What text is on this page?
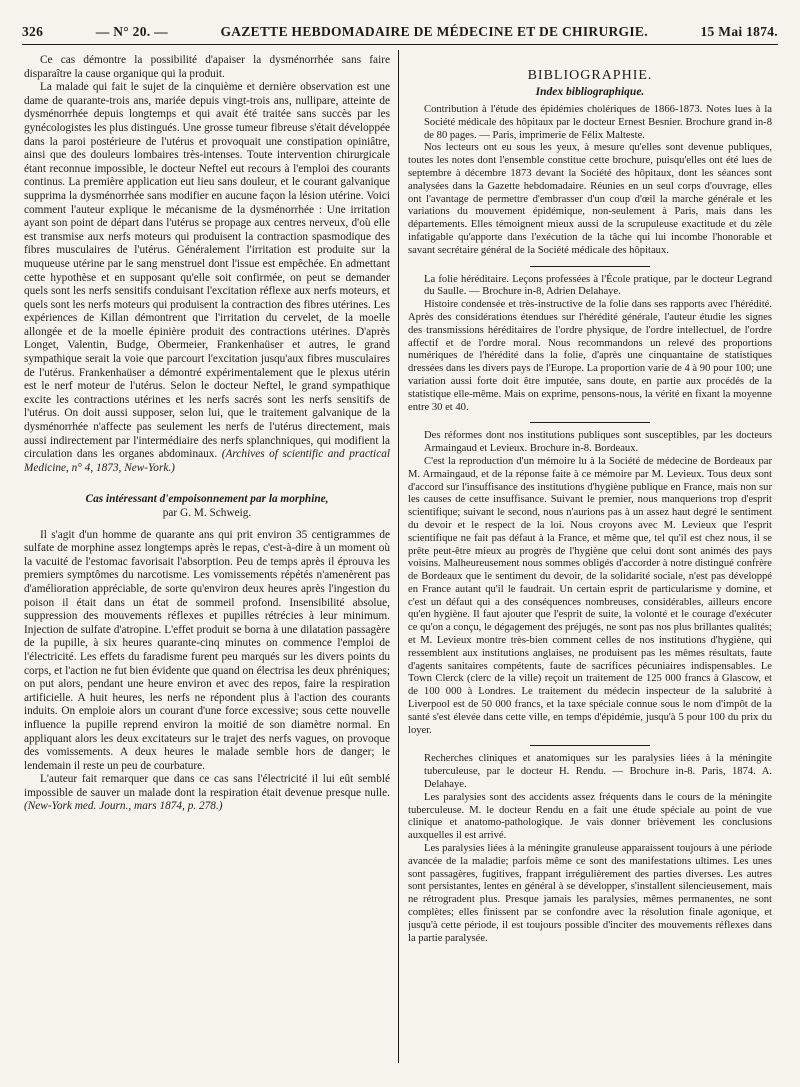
326	— N° 20. —	GAZETTE HEBDOMADAIRE DE MÉDECINE ET DE CHIRURGIE.	15 Mai 1874.

Ce cas démontre la possibilité d'apaiser la dysménorrhée sans faire disparaître la cause organique qui la produit.

La malade qui fait le sujet de la cinquième et dernière observation est une dame de quarante-trois ans, mariée depuis vingt-trois ans, nullipare, atteinte de dysménorrhée depuis longtemps et qui avait été traitée sans succès par les gynécologistes les plus distingués. Une grosse tumeur fibreuse s'était développée dans la paroi postérieure de l'utérus et provoquait une constipation opiniâtre, ainsi que des douleurs lombaires très-intenses. Toute intervention chirurgicale étant reconnue impossible, le docteur Neftel eut recours à l'emploi des courants continus. La première application eut lieu sans douleur, et le courant galvanique supprima la dysménorrhée sans modifier en aucune façon la lésion utérine. Voici comment l'auteur explique le mécanisme de la dysménorrhée : Une irritation ayant son point de départ dans l'utérus se propage aux centres nerveux, d'où elle est transmise aux nerfs moteurs qui produisent la contraction spasmodique des fibres musculaires de l'utérus. Généralement l'irritation est produite sur la muqueuse utérine par le sang menstruel dont l'issue est empêchée. En admettant cette hypothèse et en supposant qu'elle soit confirmée, on peut se demander quels sont les nerfs sensitifs conduisant l'excitation réflexe aux nerfs moteurs, et quels sont les nerfs moteurs qui produisent la contraction des fibres utérines. Les expériences de Killan démontrent que l'irritation du cervelet, de la moelle allongée et de la moelle épinière produit des contractions utérines. D'après Longet, Valentin, Budge, Obermeier, Frankenhaüser et autres, le grand sympathique serait la voie que parcourt l'excitation jusqu'aux fibres musculaires de l'utérus. Frankenhaüser a démontré expérimentalement que le plexus utérin est le nerf moteur de l'utérus. Selon le docteur Neftel, le grand sympathique excite les contractions utérines et les nerfs sacrés sont les nerfs sensitifs de l'utérus. On doit aussi supposer, selon lui, que le traitement galvanique de la dysménorrhée n'affecte pas seulement les nerfs de l'utérus directement, mais aussi indirectement par l'intermédiaire des nerfs splanchniques, qui modifient la circulation dans les organes abdominaux. (Archives of scientific and practical Medicine, n° 4, 1873, New-York.)

Cas intéressant d'empoisonnement par la morphine,

par G. M. Schweig.

Il s'agit d'un homme de quarante ans qui prit environ 35 centigrammes de sulfate de morphine assez longtemps après le repas, c'est-à-dire à un moment où la vacuité de l'estomac favorisait l'absorption. Peu de temps après il éprouva les premiers symptômes du narcotisme. Les vomissements répétés n'amenèrent pas d'amélioration appréciable, de sorte qu'environ deux heures après l'ingestion du poison il était dans un état de sommeil profond. Insensibilité absolue, suppression des mouvements réflexes et pupilles rétrécies à leur minimum. Injection de sulfate d'atropine. L'effet produit se borna à une dilatation passagère de la pupille, à six heures quarante-cinq minutes on commence l'emploi de l'électricité. Les effets du faradisme furent peu marqués sur les divers points du corps, et l'action ne fut bien évidente que quand on électrisa les deux phréniques; on put alors, pendant une heure environ et avec des repos, faire la respiration artificielle. A huit heures, les nerfs ne répondent plus à l'action des courants induits. On emploie alors un courant d'une force excessive; sous cette nouvelle influence la pupille reprend environ la moitié de son diamètre normal. En appliquant alors les deux excitateurs sur le trajet des nerfs vagues, on provoque des vomissements. A deux heures le malade semble hors de danger; le lendemain il reste un peu de courbature.

L'auteur fait remarquer que dans ce cas sans l'électricité il lui eût semblé impossible de sauver un malade dont la respiration était devenue presque nulle. (New-York med. Journ., mars 1874, p. 278.)

BIBLIOGRAPHIE.
Index bibliographique.

Contribution à l'étude des épidémies cholériques de 1866-1873. Notes lues à la Société médicale des hôpitaux par le docteur Ernest Besnier. Brochure grand in-8 de 80 pages. — Paris, imprimerie de Félix Malteste.

Nos lecteurs ont eu sous les yeux, à mesure qu'elles sont devenue publiques, toutes les notes dont l'ensemble constitue cette brochure, puisqu'elles ont été lues de septembre à décembre 1873 devant la Société des hôpitaux, dont les séances sont analysées dans la Gazette hebdomadaire. Réunies en un seul corps d'ouvrage, elles ont l'avantage de permettre d'embrasser d'un coup d'œil la marche générale et les variations du mouvement épidémique, non-seulement à Paris, mais dans les départements. Elles témoignent mieux aussi de la scrupuleuse exactitude et du zèle infatigable qu'apporte dans l'exécution de la tâche qui lui incombe l'honorable et savant secrétaire général de la Société médicale des hôpitaux.

La folie héréditaire. Leçons professées à l'École pratique, par le docteur Legrand du Saulle. — Brochure in-8, Adrien Delahaye.

Histoire condensée et très-instructive de la folie dans ses rapports avec l'hérédité. Après des considérations étendues sur l'hérédité générale, l'auteur étudie les signes des transmissions héréditaires de l'ordre physique, de l'ordre intellectuel, de l'ordre affectif et de l'ordre moral. Nous recommandons un relevé des proportions numériques de l'hérédité dans la folie, d'après une cinquantaine de statistiques dressées dans les divers pays de l'Europe. La proportion varie de 4 à 90 pour 100; une variation aussi forte doit être imputée, sans doute, en partie aux procédés de la statistique elle-même. Mais on exprime, pensons-nous, la vérité en fixant la moyenne entre 30 et 40.

Des réformes dont nos institutions publiques sont susceptibles, par les docteurs Armaingaud et Levieux. Brochure in-8. Bordeaux.

C'est la reproduction d'un mémoire lu à la Société de médecine de Bordeaux par M. Armaingaud, et de la réponse faite à ce mémoire par M. Levieux. Tous deux sont d'accord sur l'insuffisance des institutions d'hygiène publique en France, mais non sur les causes de cette insuffisance. Suivant le premier, nous manquerions trop d'esprit scientifique; suivant le second, nous n'aurions pas à un assez haut degré le sentiment du devoir et le respect de la loi. Nous croyons avec M. Levieux que l'esprit scientifique ne fait pas défaut à la France, et même que, tel qu'il est chez nous, il se prête peut-être mieux au progrès de l'hygiène que celui dont sont animés des pays voisins. Malheureusement nous sommes obligés d'accorder à notre distingué confrère de Bordeaux que le sentiment du devoir, de la solidarité sociale, n'est pas développé en France autant qu'il le faudrait. Un certain esprit de particularisme y domine, et c'est un défaut qui a des conséquences nombreuses, considérables, ailleurs encore qu'en hygiène. Il faut ajouter que l'esprit de suite, la volonté et le courage d'exécuter ce qu'on a conçu, le dégagement des préjugés, ne sont pas nos plus brillantes qualités; et M. Levieux montre très-bien comment celles de nos institutions d'hygiène, qui ressemblent aux institutions anglaises, ne produisent pas les mêmes résultats, faute d'agents sanitaires compétents, faute de sacrifices pécuniaires indispensables. Le Town Clerck (clerc de la ville) reçoit un traitement de 125 000 francs à Glascow, et de 100 000 à Londres. Le traitement du médecin inspecteur de la salubrité à Liverpool est de 50 000 francs, et la taxe spéciale connue sous le nom d'impôt de la santé s'est élevée dans cette ville, en temps d'épidémie, jusqu'à 5 pour 100 du prix du loyer.

Recherches cliniques et anatomiques sur les paralysies liées à la méningite tuberculeuse, par le docteur H. Rendu. — Brochure in-8. Paris, 1874. A. Delahaye.

Les paralysies sont des accidents assez fréquents dans le cours de la méningite tuberculeuse. M. le docteur Rendu en a fait une étude spéciale au point de vue clinique et anatomo-pathologique. Je vais donner brièvement les conclusions auxquelles il est arrivé.

Les paralysies liées à la méningite granuleuse apparaissent toujours à une période avancée de la maladie; parfois même ce sont des manifestations ultimes. Les unes sont passagères, fugitives, frappant irrégulièrement des parties diverses. Les autres sont persistantes, lentes en général à se développer, s'installent silencieusement, mais ne rétrogradent plus. Presque jamais les paralysies, mêmes permanentes, ne sont complètes; elles finissent par se confondre avec la résolution finale agonique, et jusqu'à cette période, il est toujours possible d'inciter des mouvements réflexes dans la partie paralysée.
